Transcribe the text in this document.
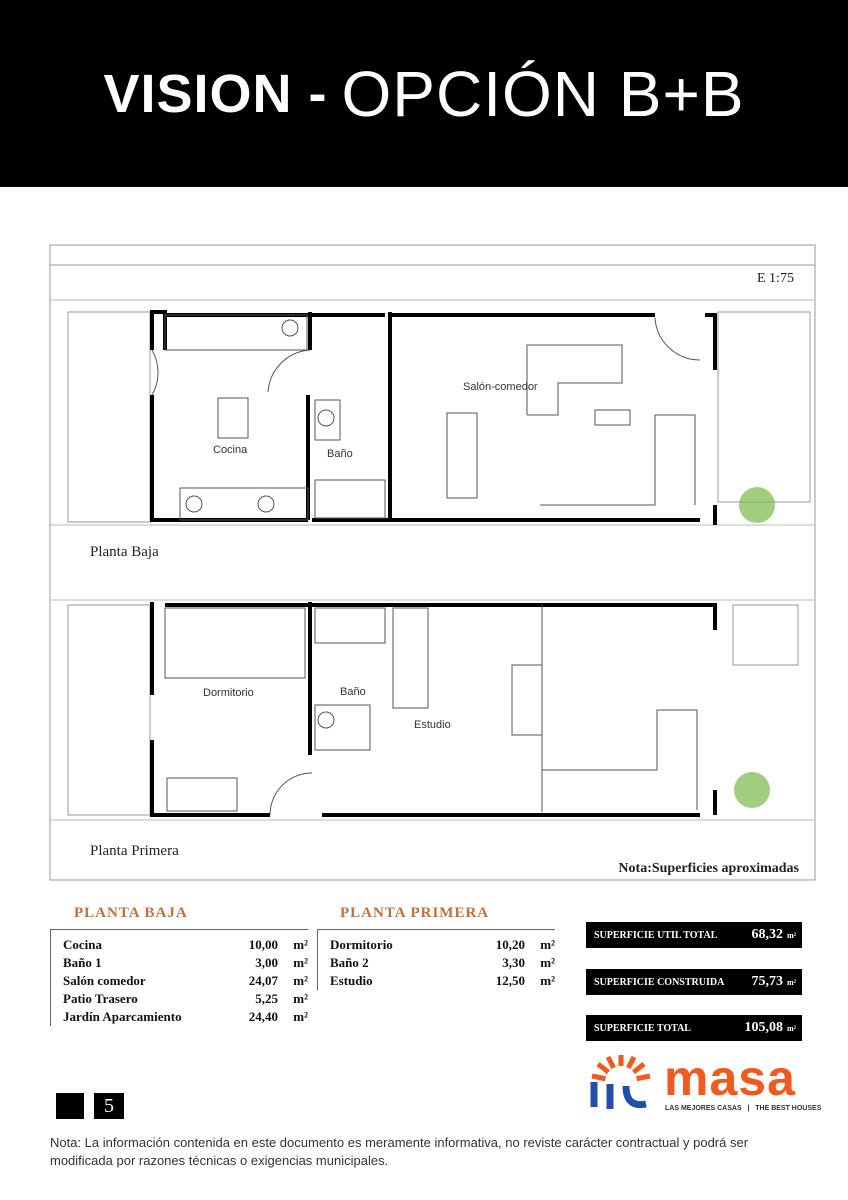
VISION - OPCIÓN B+B
Cocina	Baño
Salón-comedor
Dormitorio	Baño
Estudio
E 1:75
Planta Baja
Planta Primera
Nota:Superficies aproximadas
PLANTA BAJA
Cocina	10,00	m²
Baño 1	3,00	m²
Salón comedor	24,07	m²
Patio Trasero	5,25	m²
Jardín Aparcamiento	24,40	m²
PLANTA PRIMERA
Dormitorio	10,20	m²
Baño 2	3,30	m²
Estudio	12,50	m²
SUPERFICIE UTIL TOTAL	68,32 m²
SUPERFICIE CONSTRUIDA	75,73 m²
SUPERFICIE TOTAL	105,08 m²
masa
LAS MEJORES CASAS   |   THE BEST HOUSES
5
Nota: La información contenida en este documento es meramente informativa, no reviste carácter contractual y podrá ser modificada por razones técnicas o exigencias municipales.
